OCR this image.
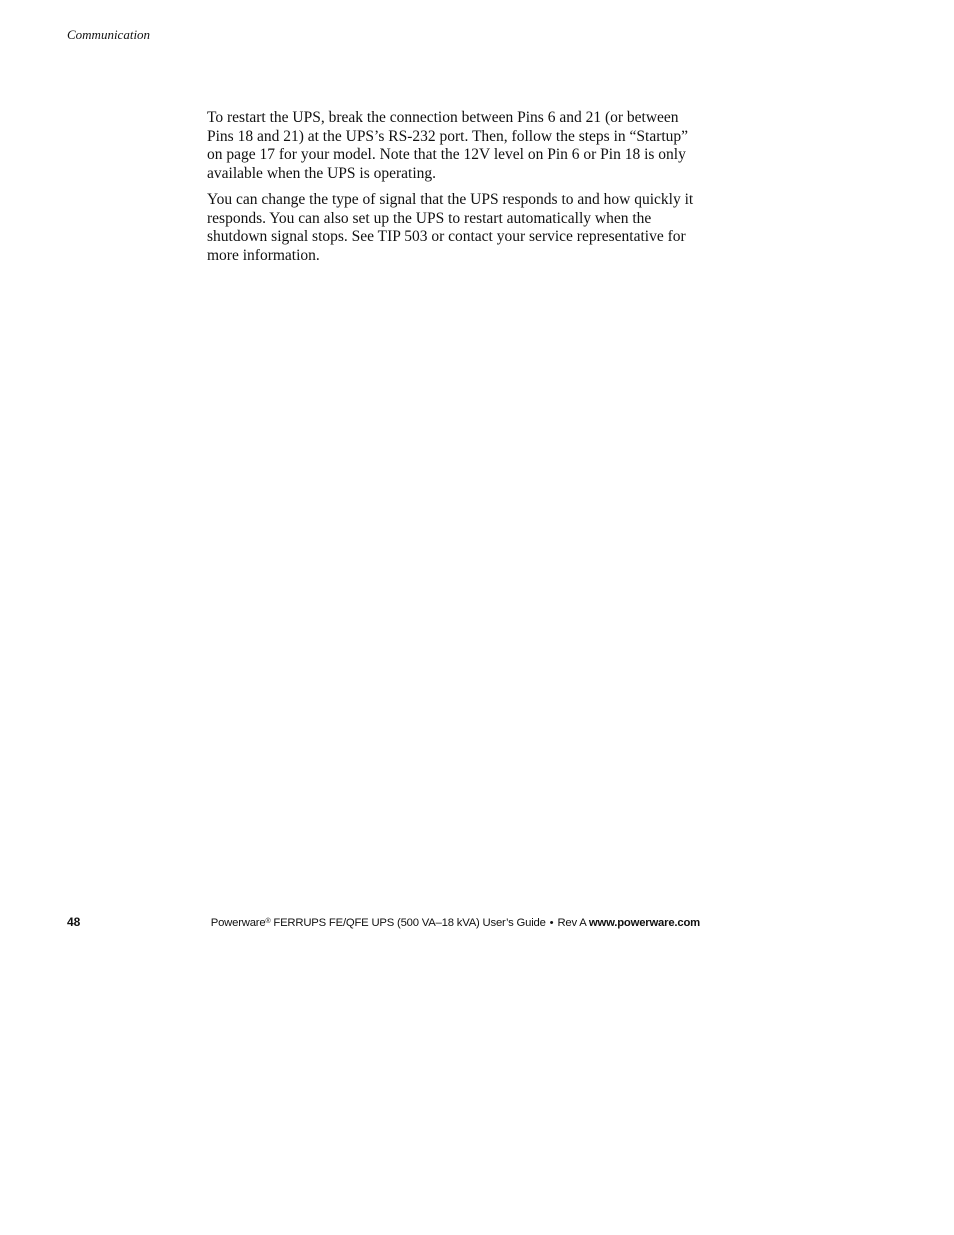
Communication

To restart the UPS, break the connection between Pins 6 and 21 (or between Pins 18 and 21) at the UPS’s RS-232 port. Then, follow the steps in “Startup” on page 17 for your model. Note that the 12V level on Pin 6 or Pin 18 is only available when the UPS is operating.

You can change the type of signal that the UPS responds to and how quickly it responds. You can also set up the UPS to restart automatically when the shutdown signal stops. See TIP 503 or contact your service representative for more information.

48	Powerware® FERRUPS FE/QFE UPS (500 VA–18 kVA) User’s Guide • Rev A www.powerware.com
